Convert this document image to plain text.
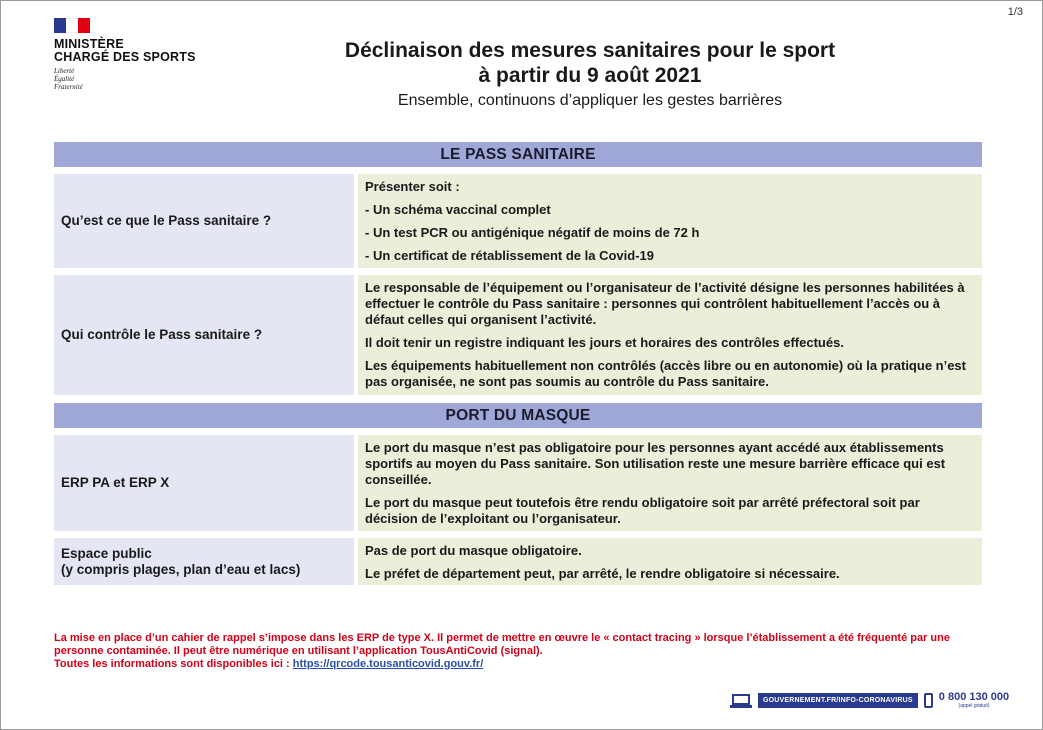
1/3
MINISTÈRE
CHARGÉ DES SPORTS
Liberté
Égalité
Fraternité
Déclinaison des mesures sanitaires pour le sport
à partir du 9 août 2021
Ensemble, continuons d’appliquer les gestes barrières
LE PASS SANITAIRE
Qu’est ce que le Pass sanitaire ?

Présenter soit :

- Un schéma vaccinal complet

- Un test PCR ou antigénique négatif de moins de 72 h

- Un certificat de rétablissement de la Covid-19

Qui contrôle le Pass sanitaire ?

Le responsable de l’équipement ou l’organisateur de l’activité désigne les personnes habilitées à effectuer le contrôle du Pass sanitaire : personnes qui contrôlent habituellement l’accès ou à défaut celles qui organisent l’activité.

Il doit tenir un registre indiquant les jours et horaires des contrôles effectués.

Les équipements habituellement non contrôlés (accès libre ou en autonomie) où la pratique n’est pas organisée, ne sont pas soumis au contrôle du Pass sanitaire.

PORT DU MASQUE
ERP PA et ERP X

Le port du masque n’est pas obligatoire pour les personnes ayant accédé aux établissements sportifs au moyen du Pass sanitaire. Son utilisation reste une mesure barrière efficace qui est conseillée.

Le port du masque peut toutefois être rendu obligatoire soit par arrêté préfectoral soit par décision de l’exploitant ou l’organisateur.

Espace public
(y compris plages, plan d’eau et lacs)

Pas de port du masque obligatoire.

Le préfet de département peut, par arrêté, le rendre obligatoire si nécessaire.

La mise en place d’un cahier de rappel s’impose dans les ERP de type X. Il permet de mettre en œuvre le « contact tracing » lorsque l’établissement a été fréquenté par une personne contaminée. Il peut être numérique en utilisant l’application TousAntiCovid (signal).
Toutes les informations sont disponibles ici : https://qrcode.tousanticovid.gouv.fr/
GOUVERNEMENT.FR/INFO-CORONAVIRUS	0 800 130 000
(appel gratuit)
